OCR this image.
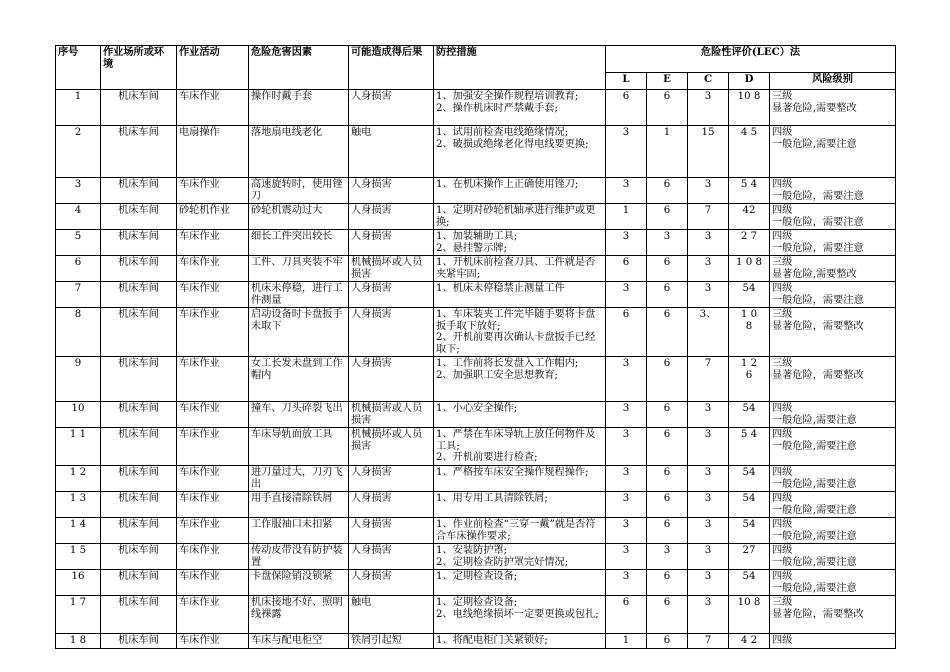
序号	作业场所或环境	作业活动	危险危害因素	可能造成得后果	防控措施	危险性评价(LEC）法				
						L	E	C	D	风险级别
1	机床车间	车床作业	操作时戴手套	人身损害	1、加强安全操作规程培训教育;
2、操作机床时严禁戴手套;	6	6	3	10 8	三级
显著危险,需要整改
2	机床车间	电扇操作	落地扇电线老化	触电	1、试用前检查电线绝缘情况;
2、破损或绝缘老化得电线要更换;	3	1	15	4 5	四级
一般危险,需要注意
3	机床车间	车床作业	高速旋转时，使用锉刀	人身损害	1、在机床操作上正确使用锉刀;	3	6	3	5 4	四级
一般危险，需要注意
4	机床车间	砂轮机作业	砂轮机震动过大	人身损害	1、定期对砂轮机轴承进行维护或更换;	1	6	7	42	四级
一般危险，需要注意
5	机床车间	车床作业	细长工件突出较长	人身损害	1、加装辅助工具;
2、悬挂警示牌;	3	3	3	2 7	四级
一般危险，需要注意
6	机床车间	车床作业	工件、刀具夹装不牢	机械损坏或人员损害	1、开机床前检查刀具、工件就是否夹紧牢固;	6	6	3	1 0 8	三级
显著危险,需要整改
7	机床车间	车床作业	机床未停稳，进行工件测量	人身损害	1、机床未停稳禁止测量工件	3	6	3	54	四级
一般危险，需要注意
8	机床车间	车床作业	启动设备时卡盘扳手未取下	人身损害	1、车床装夹工件完毕随手要将卡盘扳手取下放好;
2、开机前要再次确认卡盘扳手已经取下;	6	6	3、	1 0
8	三级
显著危险，需要整改
9	机床车间	车床作业	女工长发未盘到工作帽内	人身损害	1、工作前将长发盘入工作帽内;
2、加强职工安全思想教育;	3	6	7	1 2
6	三级
显著危险，需要整改
10	机床车间	车床作业	撞车、刀头碎裂飞出	机械损害或人员损害	1、小心安全操作;	3	6	3	54	四级
一般危险,需要注意
1 1	机床车间	车床作业	车床导轨面放工具	机械损坏或人员损害	1、严禁在车床导轨上放任何物件及工具;
2、开机前要进行检查;	3	6	3	5 4	四级
一般危险,需要注意
1 2	机床车间	车床作业	进刀量过大，刀刃飞出	人身损害	1、严格按车床安全操作规程操作;	3	6	3	54	四级
一般危险,需要注意
1 3	机床车间	车床作业	用手直接清除铁屑	人身损害	1、用专用工具清除铁屑;	3	6	3	54	四级
一般危险,需要注意
1 4	机床车间	车床作业	工作服袖口未扣紧	人身损害	1、作业前检查“三穿一戴”就是否符合车床操作要求;	3	6	3	54	四级
一般危险,需要注意
1 5	机床车间	车床作业	传动皮带没有防护装置	人身损害	1、安装防护罩;
2、定期检查防护罩完好情况;	3	3	3	27	四级
一般危险,需要注意
16	机床车间	车床作业	卡盘保险销没锁紧	人身损害	1、定期检查设备;	3	6	3	54	四级
一般危险,需要注意
1 7	机床车间	车床作业	机床接地不好、照明线裸露	触电	1、定期检查设备;
2、电线绝缘损坏一定要更换或包扎;	6	6	3	10 8	三级
显著危险，需要整改
1 8	机床车间	车床作业	车床与配电柜空	铁屑引起短	1、将配电柜门关紧锁好;	1	6	7	4 2	四级
